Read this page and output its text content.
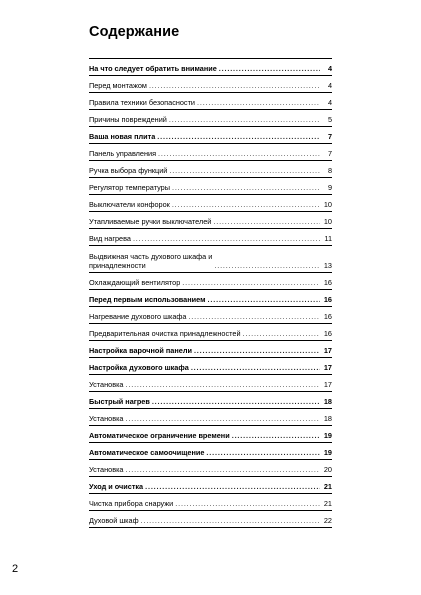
Содержание
На что следует обратить внимание . . .	4
Перед монтажом . . .	4
Правила техники безопасности . . .	4
Причины повреждений . . .	5
Ваша новая плита . . .	7
Панель управления . . .	7
Ручка выбора функций . . .	8
Регулятор температуры . . .	9
Выключатели конфорок . . .	10
Утапливаемые ручки выключателей . . .	10
Вид нагрева . . .	11
Выдвижная часть духового шкафа и
принадлежности . . .	13
Охлаждающий вентилятор . . .	16
Перед первым использованием . . .	16
Нагревание духового шкафа . . .	16
Предварительная очистка принадлежностей . . .	16
Настройка варочной панели . . .	17
Настройка духового шкафа . . .	17
Установка . . .	17
Быстрый нагрев . . .	18
Установка . . .	18
Автоматическое ограничение времени . . .	19
Автоматическое самоочищение . . .	19
Установка . . .	20
Уход и очистка . . .	21
Чистка прибора снаружи . . .	21
Духовой шкаф . . .	22
2
